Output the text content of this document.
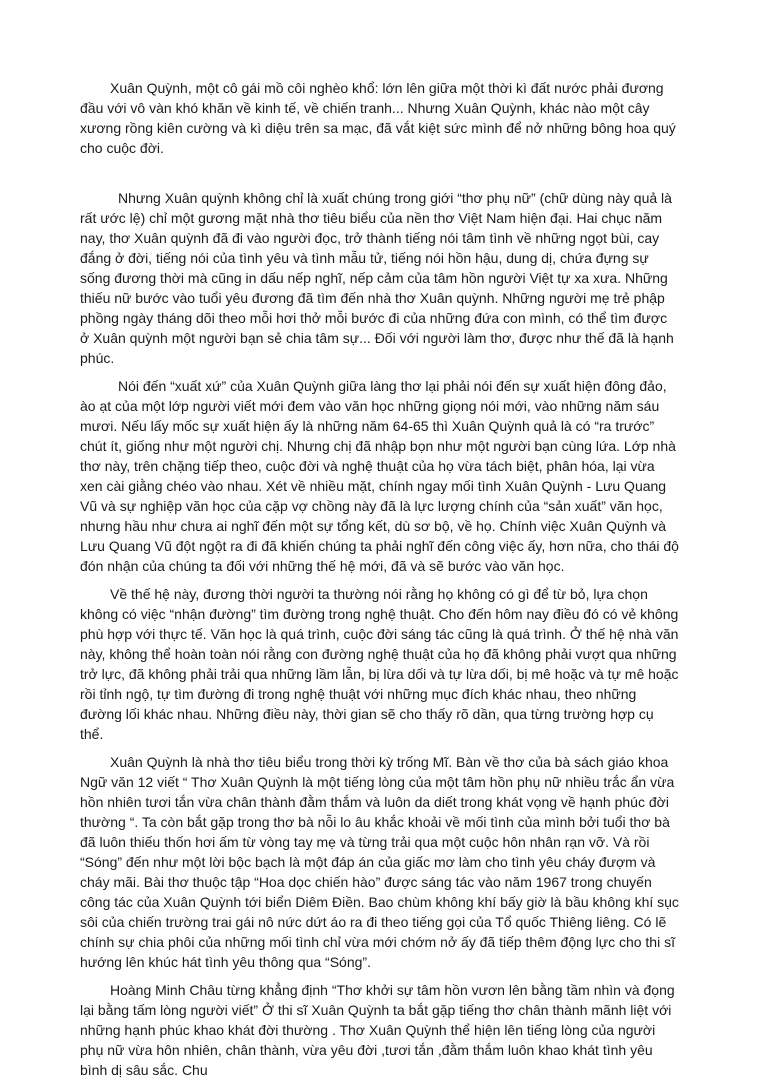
Xuân Quỳnh, một cô gái mồ côi nghèo khổ: lớn lên giữa một thời kì đất nước phải đương đầu với vô vàn khó khăn về kinh tế, về chiến tranh... Nhưng Xuân Quỳnh, khác nào một cây xương rồng kiên cường và kì diệu trên sa mạc, đã vắt kiệt sức mình để nở những bông hoa quý cho cuộc đời.

Nhưng Xuân quỳnh không chỉ là xuất chúng trong giới “thơ phụ nữ” (chữ dùng này quả là rất ước lệ) chỉ một gương mặt nhà thơ tiêu biểu của nền thơ Việt Nam hiện đại. Hai chục năm nay, thơ Xuân quỳnh đã đi vào người đọc, trở thành tiếng nói tâm tình về những ngọt bùi, cay đắng ở đời, tiếng nói của tình yêu và tình mẫu tử, tiếng nói hồn hậu, dung dị, chứa đựng sự sống đương thời mà cũng in dấu nếp nghĩ, nếp cảm của tâm hồn người Việt tự xa xưa. Những thiếu nữ bước vào tuổi yêu đương đã tìm đến nhà thơ Xuân quỳnh. Những người mẹ trẻ phập phồng ngày tháng dõi theo mỗi hơi thở mỗi bước đi của những đứa con mình, có thể tìm được ở Xuân quỳnh một người bạn sẻ chia tâm sự... Đối với người làm thơ, được như thế đã là hạnh phúc.

Nói đến “xuất xứ” của Xuân Quỳnh giữa làng thơ lại phải nói đến sự xuất hiện đông đảo, ào ạt của một lớp người viết mới đem vào văn học những giọng nói mới, vào những năm sáu mươi. Nếu lấy mốc sự xuất hiện ấy là những năm 64-65 thì Xuân Quỳnh quả là có “ra trước” chút ít, giống như một người chị. Nhưng chị đã nhập bọn như một người bạn cùng lứa. Lớp nhà thơ này, trên chặng tiếp theo, cuộc đời và nghệ thuật của họ vừa tách biệt, phân hóa, lại vừa xen cài giằng chéo vào nhau. Xét về nhiều mặt, chính ngay mối tình Xuân Quỳnh - Lưu Quang Vũ và sự nghiệp văn học của cặp vợ chồng này đã là lực lượng chính của “sản xuất” văn học, nhưng hầu như chưa ai nghĩ đến một sự tổng kết, dù sơ bộ, về họ. Chính việc Xuân Quỳnh và Lưu Quang Vũ đột ngột ra đi đã khiến chúng ta phải nghĩ đến công việc ấy, hơn nữa, cho thái độ đón nhận của chúng ta đối với những thế hệ mới, đã và sẽ bước vào văn học.

Về thế hệ này, đương thời người ta thường nói rằng họ không có gì để từ bỏ, lựa chọn không có việc “nhận đường” tìm đường trong nghệ thuật. Cho đến hôm nay điều đó có vẻ không phù hợp với thực tế. Văn học là quá trình, cuộc đời sáng tác cũng là quá trình. Ở thế hệ nhà văn này, không thể hoàn toàn nói rằng con đường nghệ thuật của họ đã không phải vượt qua những trở lực, đã không phải trải qua những lầm lẫn, bị lừa dối và tự lừa dối, bị mê hoặc và tự mê hoặc rồi tỉnh ngộ, tự tìm đường đi trong nghệ thuật với những mục đích khác nhau, theo những đường lối khác nhau. Những điều này, thời gian sẽ cho thấy rõ dần, qua từng trường hợp cụ thể.

Xuân Quỳnh là nhà thơ tiêu biểu trong thời kỳ trống Mĩ. Bàn về thơ của bà sách giáo khoa Ngữ văn 12 viết “ Thơ Xuân Quỳnh là một tiếng lòng của một tâm hồn phụ nữ nhiều trắc ẩn vừa hồn nhiên tươi tắn vừa chân thành đằm thắm và luôn da diết trong khát vọng về hạnh phúc đời thường “. Ta còn bắt gặp trong thơ bà nỗi lo âu khắc khoải về mối tình của mình bởi tuổi thơ bà đã luôn thiếu thốn hơi ấm từ vòng tay mẹ và từng trải qua một cuộc hôn nhân rạn vỡ. Và rồi “Sóng” đến như một lời bộc bạch là một đáp án của giấc mơ làm cho tình yêu cháy đượm và cháy mãi. Bài thơ thuộc tập “Hoa dọc chiến hào” được sáng tác vào năm 1967 trong chuyến công tác của Xuân Quỳnh tới biển Diêm Điền. Bao chùm không khí bấy giờ là bầu không khí sục sôi của chiến trường trai gái nô nức dứt áo ra đi theo tiếng gọi của Tổ quốc Thiêng liêng. Có lẽ chính sự chia phôi của những mối tình chỉ vừa mới chớm nở ấy đã tiếp thêm động lực cho thi sĩ hướng lên khúc hát tình yêu thông qua “Sóng”.

Hoàng Minh Châu từng khẳng định “Thơ khởi sự tâm hồn vươn lên bằng tầm nhìn và đọng lại bằng tấm lòng người viết” Ở thi sĩ Xuân Quỳnh ta bắt gặp tiếng thơ chân thành mãnh liệt với những hạnh phúc khao khát đời thường . Thơ Xuân Quỳnh thể hiện lên tiếng lòng của người phụ nữ vừa hôn nhiên, chân thành, vừa yêu đời ,tươi tắn ,đằm thắm luôn khao khát tình yêu bình dị sâu sắc. Chu
